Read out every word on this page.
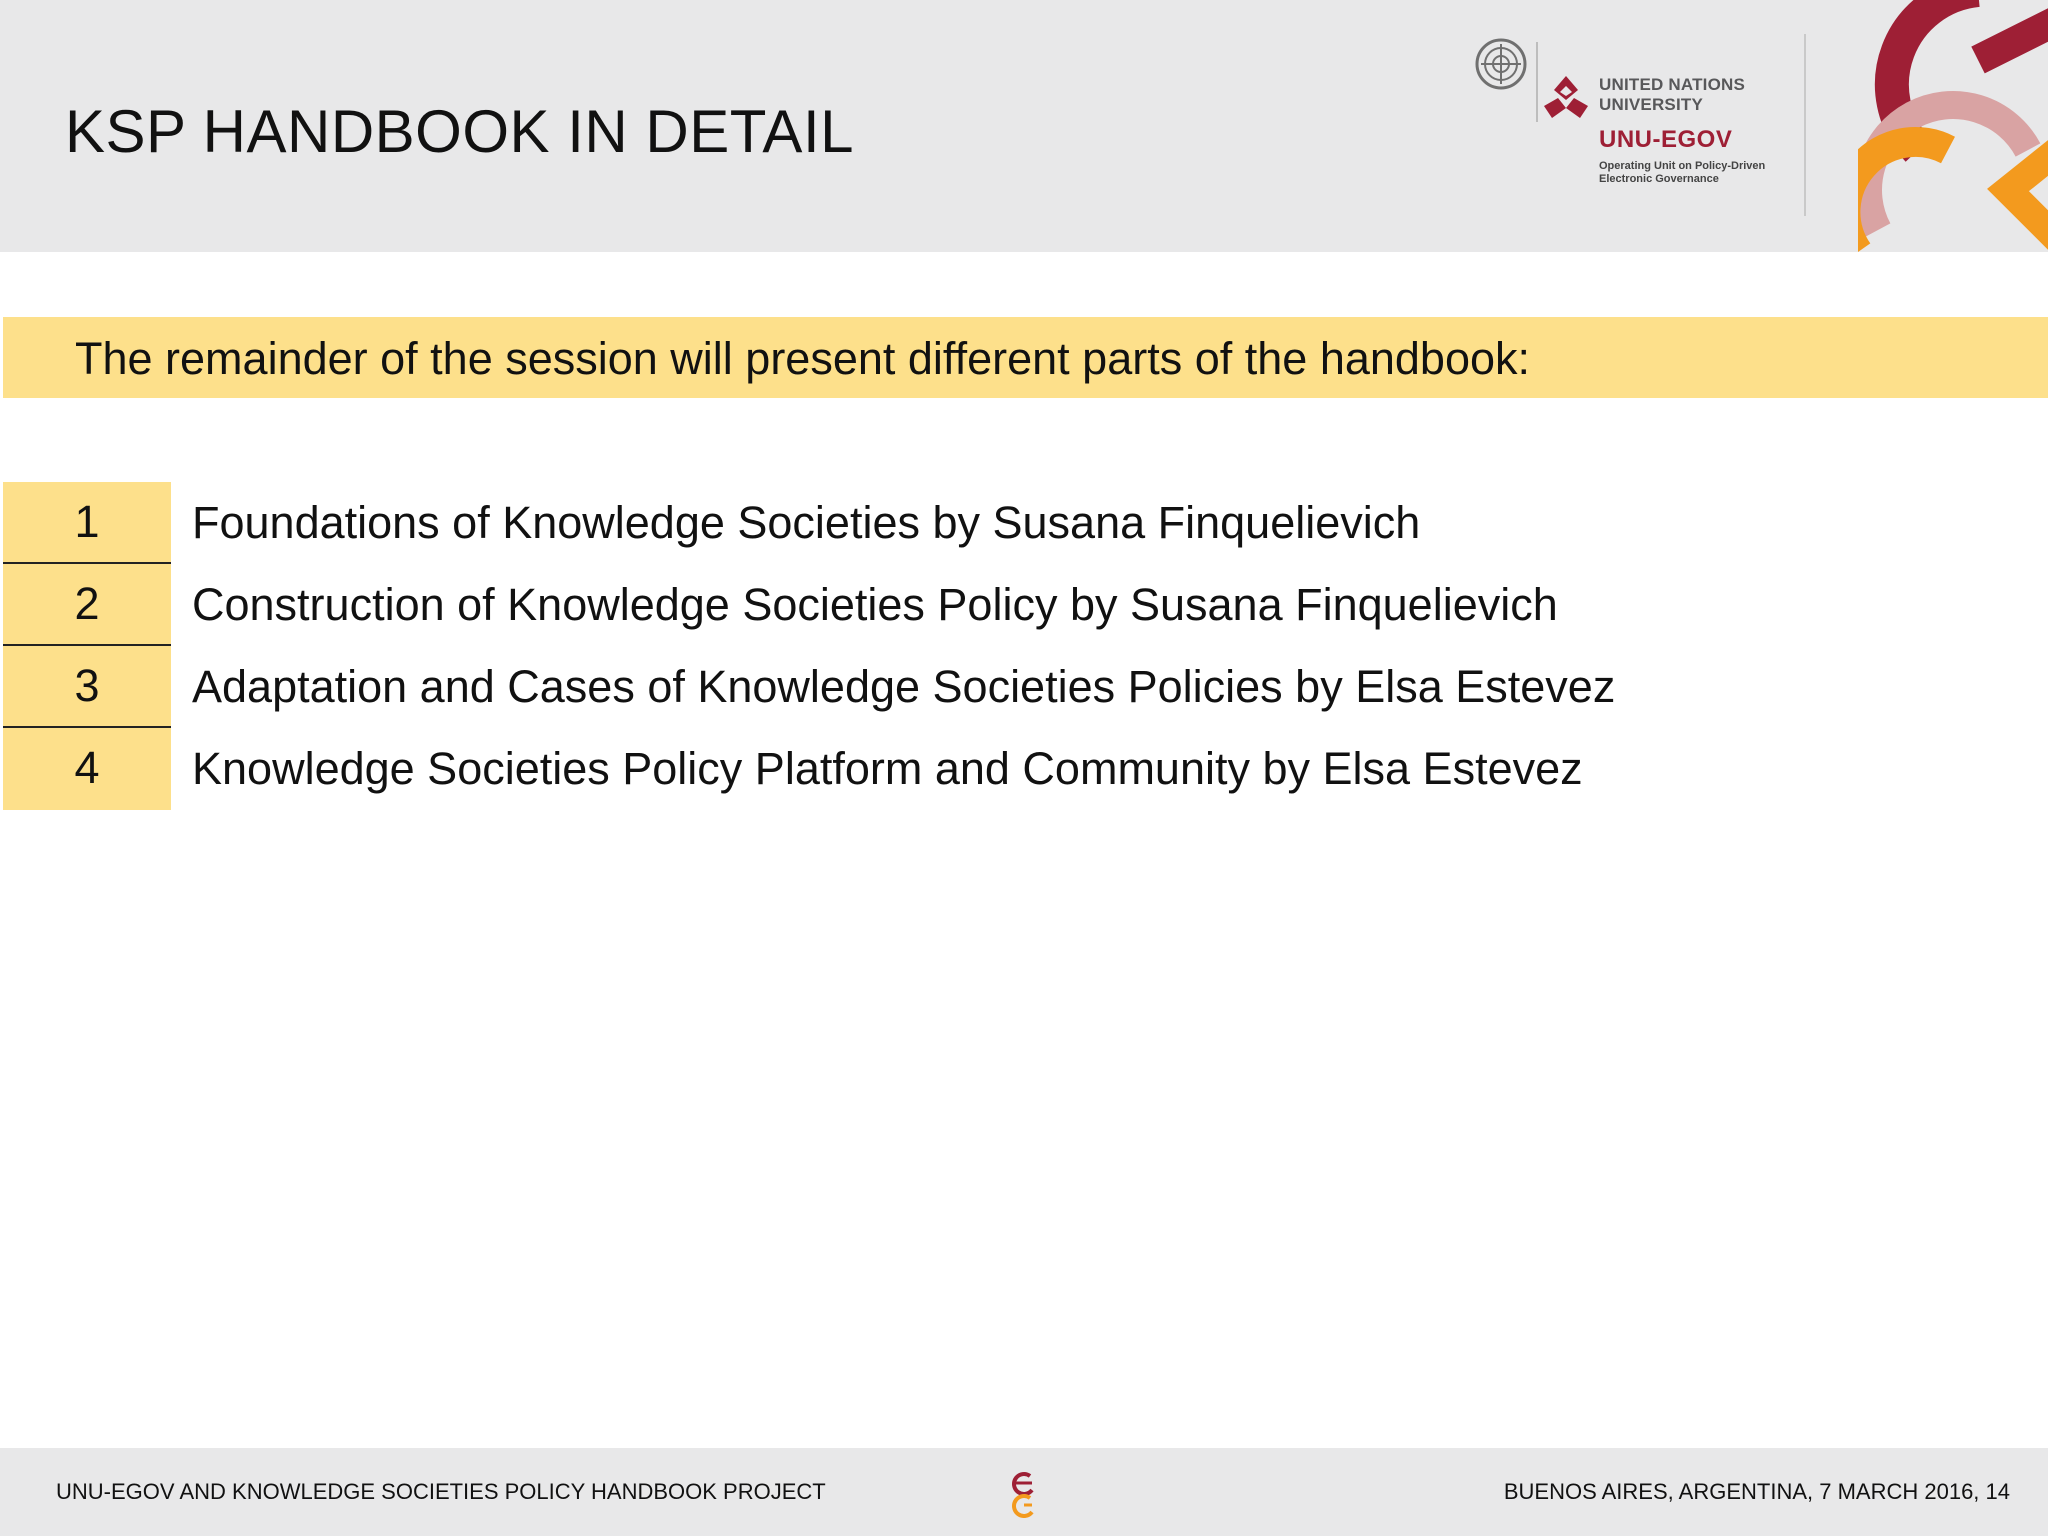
KSP HANDBOOK IN DETAIL
UNITED NATIONS
UNIVERSITY
UNU-EGOV
Operating Unit on Policy-Driven
Electronic Governance
The remainder of the session will present different parts of the handbook:
1	Foundations of Knowledge Societies by Susana Finquelievich
2	Construction of Knowledge Societies Policy by Susana Finquelievich
3	Adaptation and Cases of Knowledge Societies Policies by Elsa Estevez
4	Knowledge Societies Policy Platform and Community by Elsa Estevez
UNU-EGOV AND KNOWLEDGE SOCIETIES POLICY HANDBOOK PROJECT	BUENOS AIRES, ARGENTINA, 7 MARCH 2016, 14
